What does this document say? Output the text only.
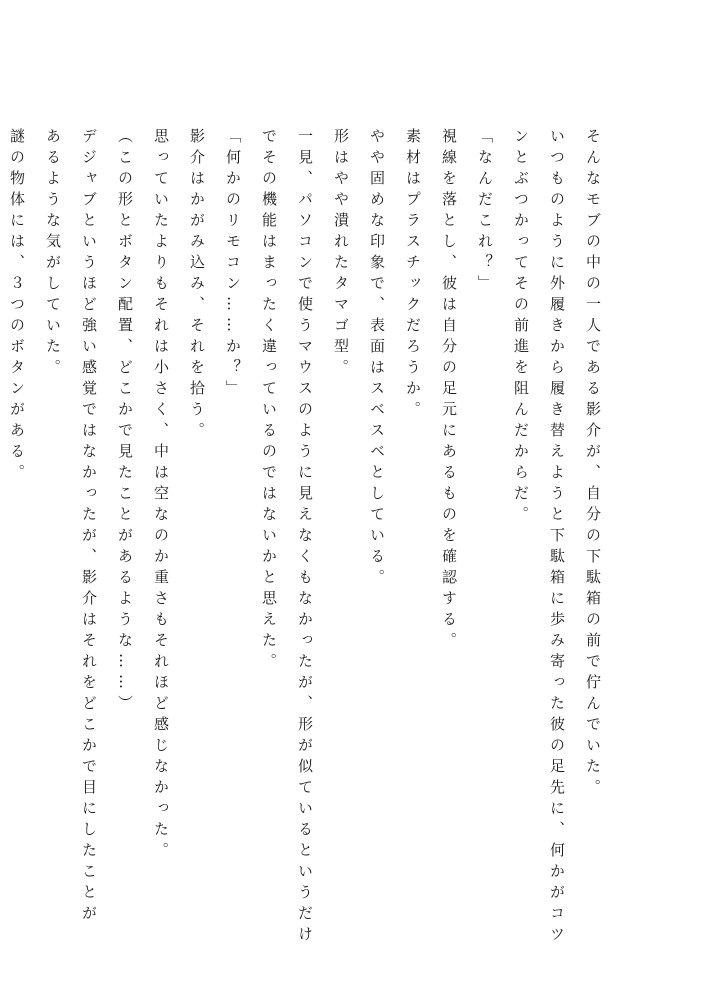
そんなモブの中の一人である影介が、自分の下駄箱の前で佇んでいた。
いつものように外履きから履き替えようと下駄箱に歩み寄った彼の足先に、何かがコツ
ンとぶつかってその前進を阻んだからだ。
「なんだこれ？」
視線を落とし、彼は自分の足元にあるものを確認する。
素材はプラスチックだろうか。
やや固めな印象で、表面はスベスベとしている。
形はやや潰れたタマゴ型。
一見、パソコンで使うマウスのように見えなくもなかったが、形が似ているというだけ
でその機能はまったく違っているのではないかと思えた。
「何かのリモコン……か？」
影介はかがみ込み、それを拾う。
思っていたよりもそれは小さく、中は空なのか重さもそれほど感じなかった。
（この形とボタン配置、どこかで見たことがあるような……）
デジャブというほど強い感覚ではなかったが、影介はそれをどこかで目にしたことが
あるような気がしていた。
謎の物体には、３つのボタンがある。
